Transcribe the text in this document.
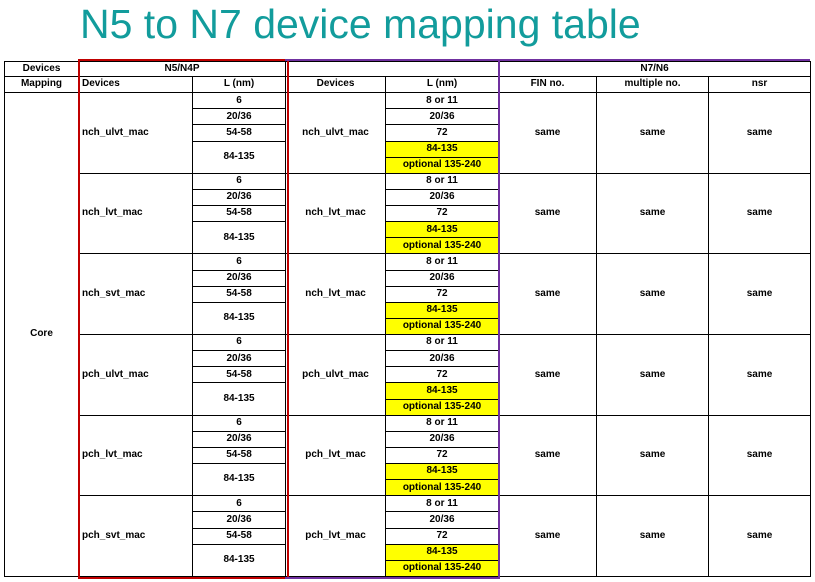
N5 to N7 device mapping table
Devices	N5/N4P				N7/N6		
Mapping	Devices	L (nm)	Devices	L (nm)	FIN no.	multiple no.	nsr
Core	nch_ulvt_mac	6	nch_ulvt_mac	8 or 11	same	same	same
		20/36		20/36			
		54-58		72			
		84-135		84-135			
				optional 135-240			
	nch_lvt_mac	6	nch_lvt_mac	8 or 11	same	same	same
		20/36		20/36			
		54-58		72			
		84-135		84-135			
				optional 135-240			
	nch_svt_mac	6	nch_lvt_mac	8 or 11	same	same	same
		20/36		20/36			
		54-58		72			
		84-135		84-135			
				optional 135-240			
	pch_ulvt_mac	6	pch_ulvt_mac	8 or 11	same	same	same
		20/36		20/36			
		54-58		72			
		84-135		84-135			
				optional 135-240			
	pch_lvt_mac	6	pch_lvt_mac	8 or 11	same	same	same
		20/36		20/36			
		54-58		72			
		84-135		84-135			
				optional 135-240			
	pch_svt_mac	6	pch_lvt_mac	8 or 11	same	same	same
		20/36		20/36			
		54-58		72			
		84-135		84-135			
				optional 135-240			
